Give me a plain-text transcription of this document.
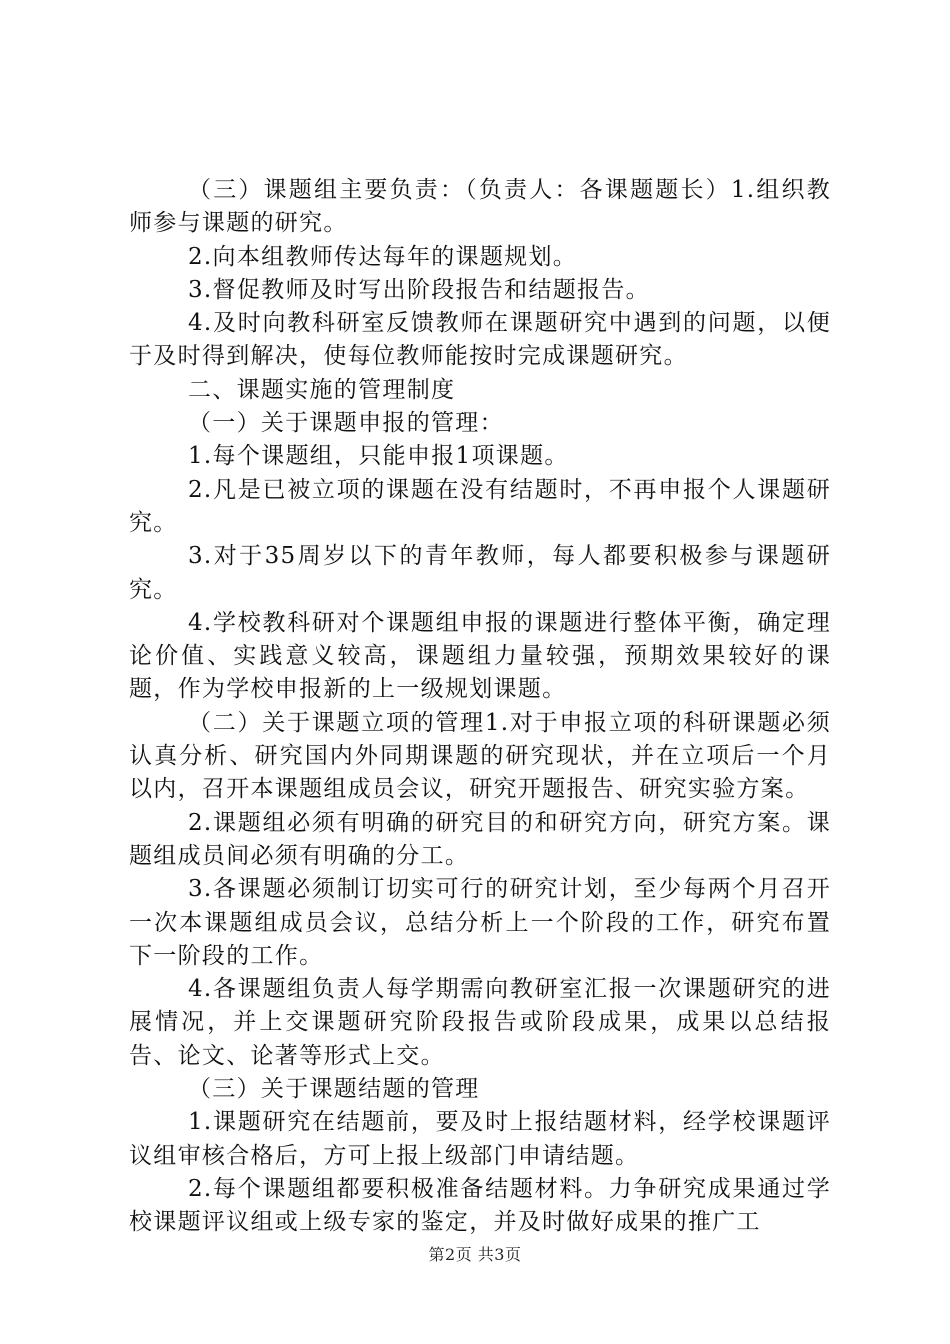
（三）课题组主要负责：（负责人：各课题题长）1.组织教师参与课题的研究。

2.向本组教师传达每年的课题规划。

3.督促教师及时写出阶段报告和结题报告。

4.及时向教科研室反馈教师在课题研究中遇到的问题，以便于及时得到解决，使每位教师能按时完成课题研究。

二、课题实施的管理制度

（一）关于课题申报的管理：

1.每个课题组，只能申报1项课题。

2.凡是已被立项的课题在没有结题时，不再申报个人课题研究。

3.对于35周岁以下的青年教师，每人都要积极参与课题研究。

4.学校教科研对个课题组申报的课题进行整体平衡，确定理论价值、实践意义较高，课题组力量较强，预期效果较好的课题，作为学校申报新的上一级规划课题。

（二）关于课题立项的管理1.对于申报立项的科研课题必须认真分析、研究国内外同期课题的研究现状，并在立项后一个月以内，召开本课题组成员会议，研究开题报告、研究实验方案。

2.课题组必须有明确的研究目的和研究方向，研究方案。课题组成员间必须有明确的分工。

3.各课题必须制订切实可行的研究计划，至少每两个月召开一次本课题组成员会议，总结分析上一个阶段的工作，研究布置下一阶段的工作。

4.各课题组负责人每学期需向教研室汇报一次课题研究的进展情况，并上交课题研究阶段报告或阶段成果，成果以总结报告、论文、论著等形式上交。

（三）关于课题结题的管理

1.课题研究在结题前，要及时上报结题材料，经学校课题评议组审核合格后，方可上报上级部门申请结题。

2.每个课题组都要积极准备结题材料。力争研究成果通过学校课题评议组或上级专家的鉴定，并及时做好成果的推广工

第2页 共3页
